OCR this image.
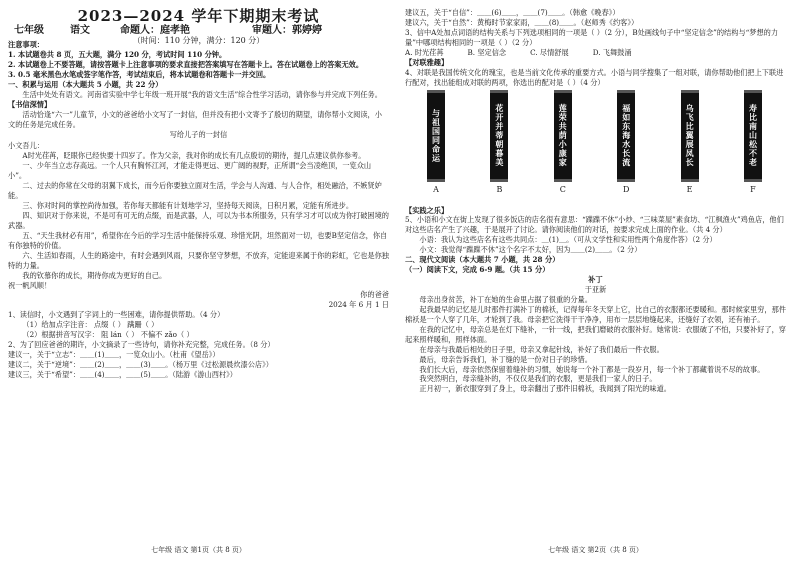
2023—2024 学年下期期末考试
七年级	语文	命题人：庭孝艳	审题人：郭婷婷
（时间：110 分钟，满分：120 分）

注意事项：

1. 本试题卷共 8 页，五大题，满分 120 分，考试时间 110 分钟。

2. 本试题卷上不要答题，请按答题卡上注意事项的要求直接把答案填写在答题卡上。答在试题卷上的答案无效。

3. 0.5 毫米黑色水笔或签字笔作答，考试结束后，将本试题卷和答题卡一并交回。

一、积累与运用（本大题共 5 小题，共 22 分）

生活中处处有语文。河南省实验中学七年级一班开展“我的语文生活”综合性学习活动，请你参与并完成下列任务。

【书信深情】

活动恰逢“六一”儿童节，小文的爸爸给小文写了一封信，但并没有把小文寄予了殷切的期望，请你帮小文阅读，小文的任务是完成任务。

写给儿子的一封信

小文吾儿：

A时光荏苒，眨眼你已经快要十四岁了。作为父亲，我对你的成长有几点殷切的期待，提几点建议供你参考。

一、少年当立志存高远。一个人只有胸怀江河，才能走得更远、更广阔的视野，正所谓“会当凌绝顶，一览众山小”。

二、过去的你常在父母的羽翼下成长，而今后你要独立面对生活，学会与人沟通、与人合作，相处融洽，不嫉贤妒能。

三、你对时间的掌控尚待加强，若你每天都能有计划地学习，坚持每天阅读，日积月累，定能有所进步。

四、知识对于你来说，不是可有可无的点缀，而是武器，人，可以为书本所服务，只有学习才可以成为你打破困境的武器。

五、“天生我材必有用”，希望你在今后的学习生活中能保持乐观、珍惜光阴，坦然面对一切，也要B坚定信念，你自有你独特的价值。

六、生活如春雨，人生的路途中，有时会遇到风雨，只要你坚守梦想，不放弃，定能迎来属于你的彩虹，它也是你独特的力量。

我的钦慕你的成长，期待你成为更好的自己。

祝一帆风顺！

你的爸爸

2024 年 6 月 1 日

1、读信时，小文遇到了字词上的一些困难，请你提供帮助。（4 分）

（1）给加点字注音： 点缀（ ） 蹒跚（ ）

（2）根据拼音写汉字： 阻 lán（ ） 不偏不 zǎo（ ）

2、为了回应爸爸的期许，小文摘录了一些诗句，请你补充完整，完成任务。（8 分）

建议一，关于“立志”：＿＿(1)＿＿，一览众山小。（杜甫《望岳》）

建议二，关于“逆境”：＿＿(2)＿＿，＿＿(3)＿＿。（杨万里《过松源晨炊漆公店》）

建议三，关于“希望”：＿＿(4)＿＿，＿＿(5)＿＿。（陆游《游山西村》）

七年级 语文 第1页（共 8 页）

建议五，关于“自信”：＿＿(6)＿＿，＿＿(7)＿＿。（韩愈《晚春》）

建议六，关于“自然”：黄梅时节家家雨，＿＿(8)＿＿。（赵师秀《约客》）

3、信中A处加点词语的结构关系与下列选项相同的一项是（ ）（2 分），B处画线句子中“坚定信念”的结构与“梦想的力量”中哪项结构相同的一项是（ ）（2 分）

A. 时光荏苒	B. 坚定信念	C. 尽情舒展	D. 飞舞鼓涌

【对联雅趣】

4、对联是我国传统文化的瑰宝，也是当前文化传承的重要方式。小语与同学搜集了一组对联，请你帮助他们把上下联进行配对，找出能组成对联的两项，你选出的配对是（ ）（4 分）

与祖国同命运
A
花开并蒂朝暮美
B
莲荣共荫小康家
C
福如东海水长流
D
乌飞比翼展凤长
E
寿比南山松不老
F

【实践之乐】

5、小语和小文在街上发现了很多饭店的店名很有意思：“蹀蹀不休”小炒、“三味菜屋”素食坊、“江枫渔火”鸡鱼店，他们对这些店名产生了兴趣，于是展开了讨论。请你阅读他们的对话，按要求完成上面的作业。（共 4 分）

小语：我认为这些店名有这些共同点：＿(1)＿。（可从文学性和实用性两个角度作答）（2 分）

小文：我觉得“蹀蹀不休”这个名字不太好，因为＿＿(2)＿＿。（2 分）

二、现代文阅读（本大题共 7 小题，共 28 分）

（一）阅读下文，完成 6-9 题。（共 15 分）

补丁

于亚新

母亲出身贫苦，补丁在她的生命里占据了很重的分量。

起我最早的记忆是儿时那件打满补丁的棉袄，记得每年冬天穿上它，比自己的衣服都还要暖和。那时候家里穷，那件棉袄是一个人穿了几年，才轮到了我。母亲把它洗得干干净净，用布一层层地缝起来，还缝好了衣领，还有袖子。

在我的记忆中，母亲总是在灯下缝补，一针一线，把我们磨破的衣服补好。她常说：衣服破了不怕，只要补好了，穿起来照样暖和，照样体面。

在母亲与我最后相处的日子里，母亲又拿起针线，补好了我们最后一件衣服。

最后，母亲告诉我们，补丁缝的是一份对日子的珍惜。

我们长大后，母亲依然保留着缝补的习惯，她说每一个补丁都是一段岁月，每一个补丁都藏着说不尽的故事。

我突然明白，母亲缝补的，不仅仅是我们的衣服，更是我们一家人的日子。

正月初一，新衣服穿到了身上，母亲翻出了那件旧棉袄，我闻到了阳光的味道。

七年级 语文 第2页（共 8 页）
